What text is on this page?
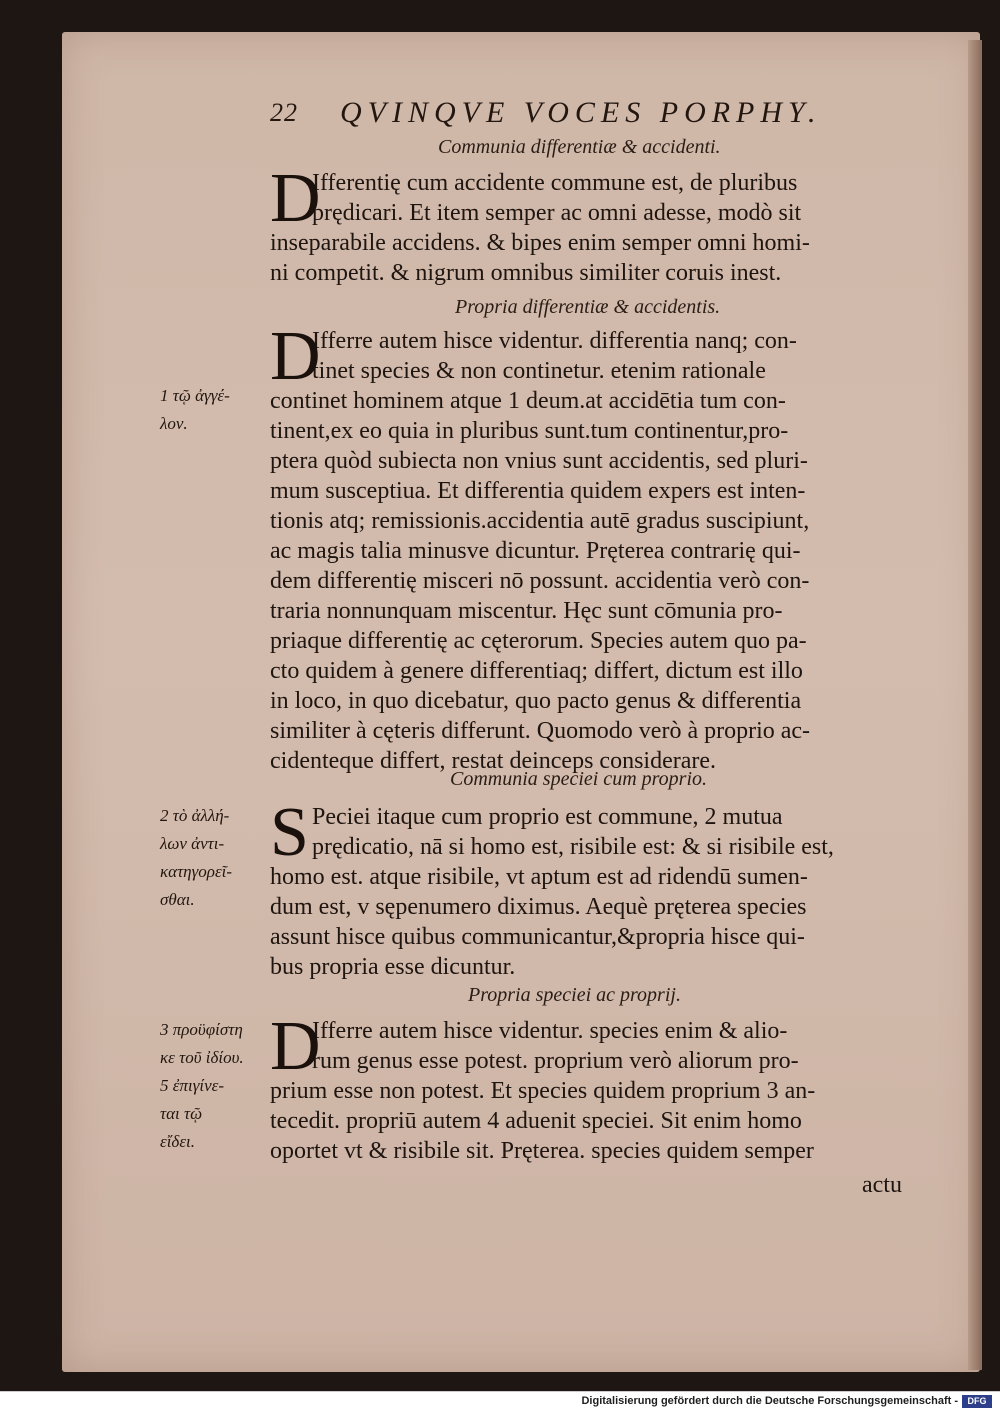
22 QVINQVE VOCES PORPHY.
Communia differentiæ & accidenti.
D
Ifferentię cum accidente commune est, de pluribus
prędicari. Et item semper ac omni adesse, modò sit
inseparabile accidens. & bipes enim semper omni homi-
ni competit. & nigrum omnibus similiter coruis inest.
Propria differentiæ & accidentis.
D
Ifferre autem hisce videntur. differentia nanq; con-
tinet species & non continetur. etenim rationale
continet hominem atque 1 deum.at accidētia tum con-
tinent,ex eo quia in pluribus sunt.tum continentur,pro-
ptera quòd subiecta non vnius sunt accidentis, sed pluri-
mum susceptiua. Et differentia quidem expers est inten-
tionis atq; remissionis.accidentia autē gradus suscipiunt,
ac magis talia minusve dicuntur. Pręterea contrarię qui-
dem differentię misceri nō possunt. accidentia verò con-
traria nonnunquam miscentur. Hęc sunt cōmunia pro-
priaque differentię ac cęterorum. Species autem quo pa-
cto quidem à genere differentiaq; differt, dictum est illo
in loco, in quo dicebatur, quo pacto genus & differentia
similiter à cęteris differunt. Quomodo verò à proprio ac-
cidenteque differt, restat deinceps considerare.
1 τῷ ἀγγέ-
λον.
Communia speciei cum proprio.
S Peciei itaque cum proprio est commune, 2 mutua
prędicatio, nā si homo est, risibile est: & si risibile est,
homo est. atque risibile, vt aptum est ad ridendū sumen-
dum est, v sępenumero diximus. Aequè pręterea species
assunt hisce quibus communicantur,&propria hisce qui-
bus propria esse dicuntur.
2 τὸ ἀλλή-
λων ἀντι-
κατηγορεῖ-
σθαι.
Propria speciei ac proprij.
D
Ifferre autem hisce videntur. species enim & alio-
rum genus esse potest. proprium verò aliorum pro-
prium esse non potest. Et species quidem proprium 3 an-
tecedit. propriū autem 4 aduenit speciei. Sit enim homo
oportet vt & risibile sit. Pręterea. species quidem semper
3 προϋφίστη
κε τοῦ ἰδίου.
5 ἐπιγίνε-
ται τῷ
εἴδει.
actu
Digitalisierung gefördert durch die Deutsche Forschungsgemeinschaft -	DFG
